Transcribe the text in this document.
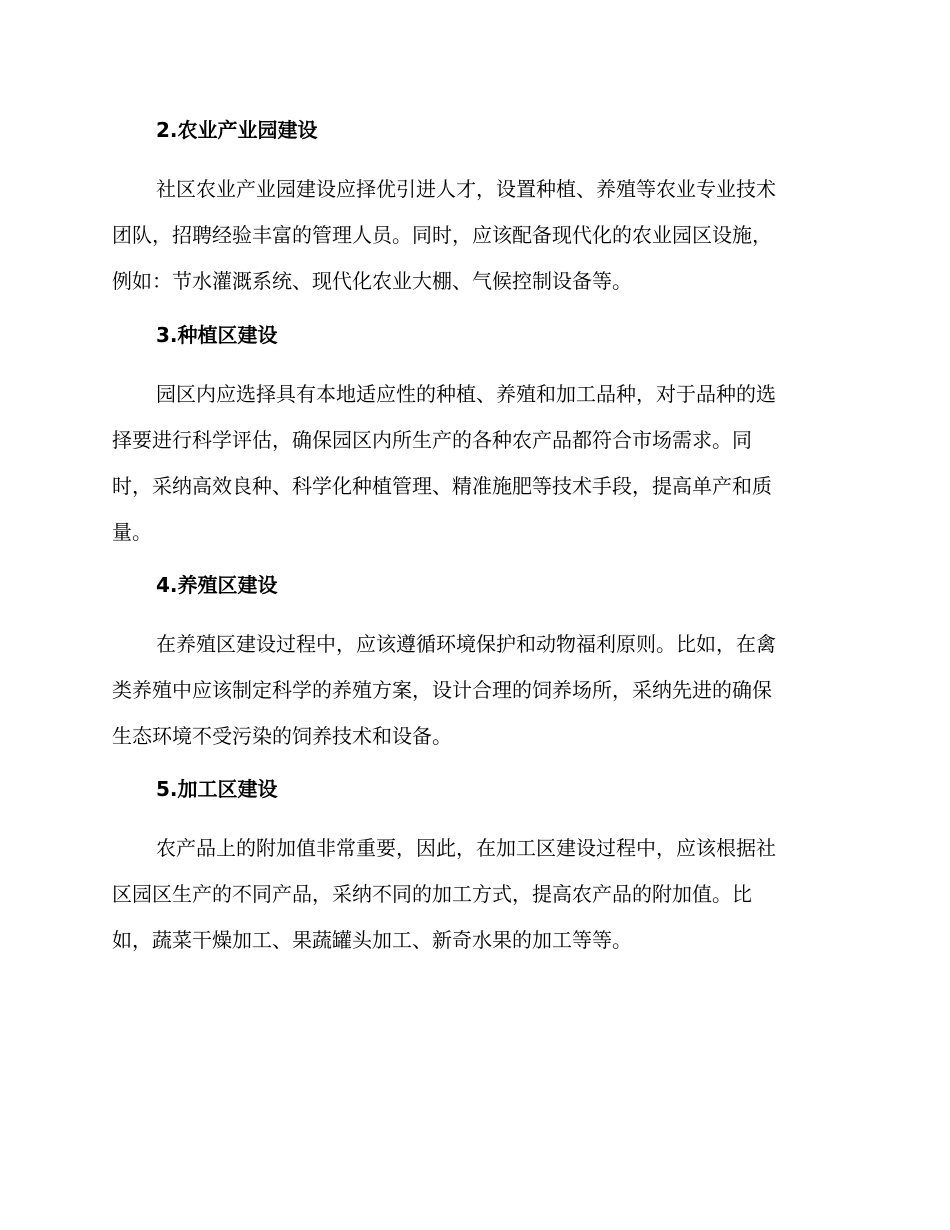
2.农业产业园建设
社区农业产业园建设应择优引进人才，设置种植、养殖等农业专业技术
团队，招聘经验丰富的管理人员。同时，应该配备现代化的农业园区设施，
例如：节水灌溉系统、现代化农业大棚、气候控制设备等。
3.种植区建设
园区内应选择具有本地适应性的种植、养殖和加工品种，对于品种的选
择要进行科学评估，确保园区内所生产的各种农产品都符合市场需求。同
时，采纳高效良种、科学化种植管理、精准施肥等技术手段，提高单产和质
量。
4.养殖区建设
在养殖区建设过程中，应该遵循环境保护和动物福利原则。比如，在禽
类养殖中应该制定科学的养殖方案，设计合理的饲养场所，采纳先进的确保
生态环境不受污染的饲养技术和设备。
5.加工区建设
农产品上的附加值非常重要，因此，在加工区建设过程中，应该根据社
区园区生产的不同产品，采纳不同的加工方式，提高农产品的附加值。比
如，蔬菜干燥加工、果蔬罐头加工、新奇水果的加工等等。
